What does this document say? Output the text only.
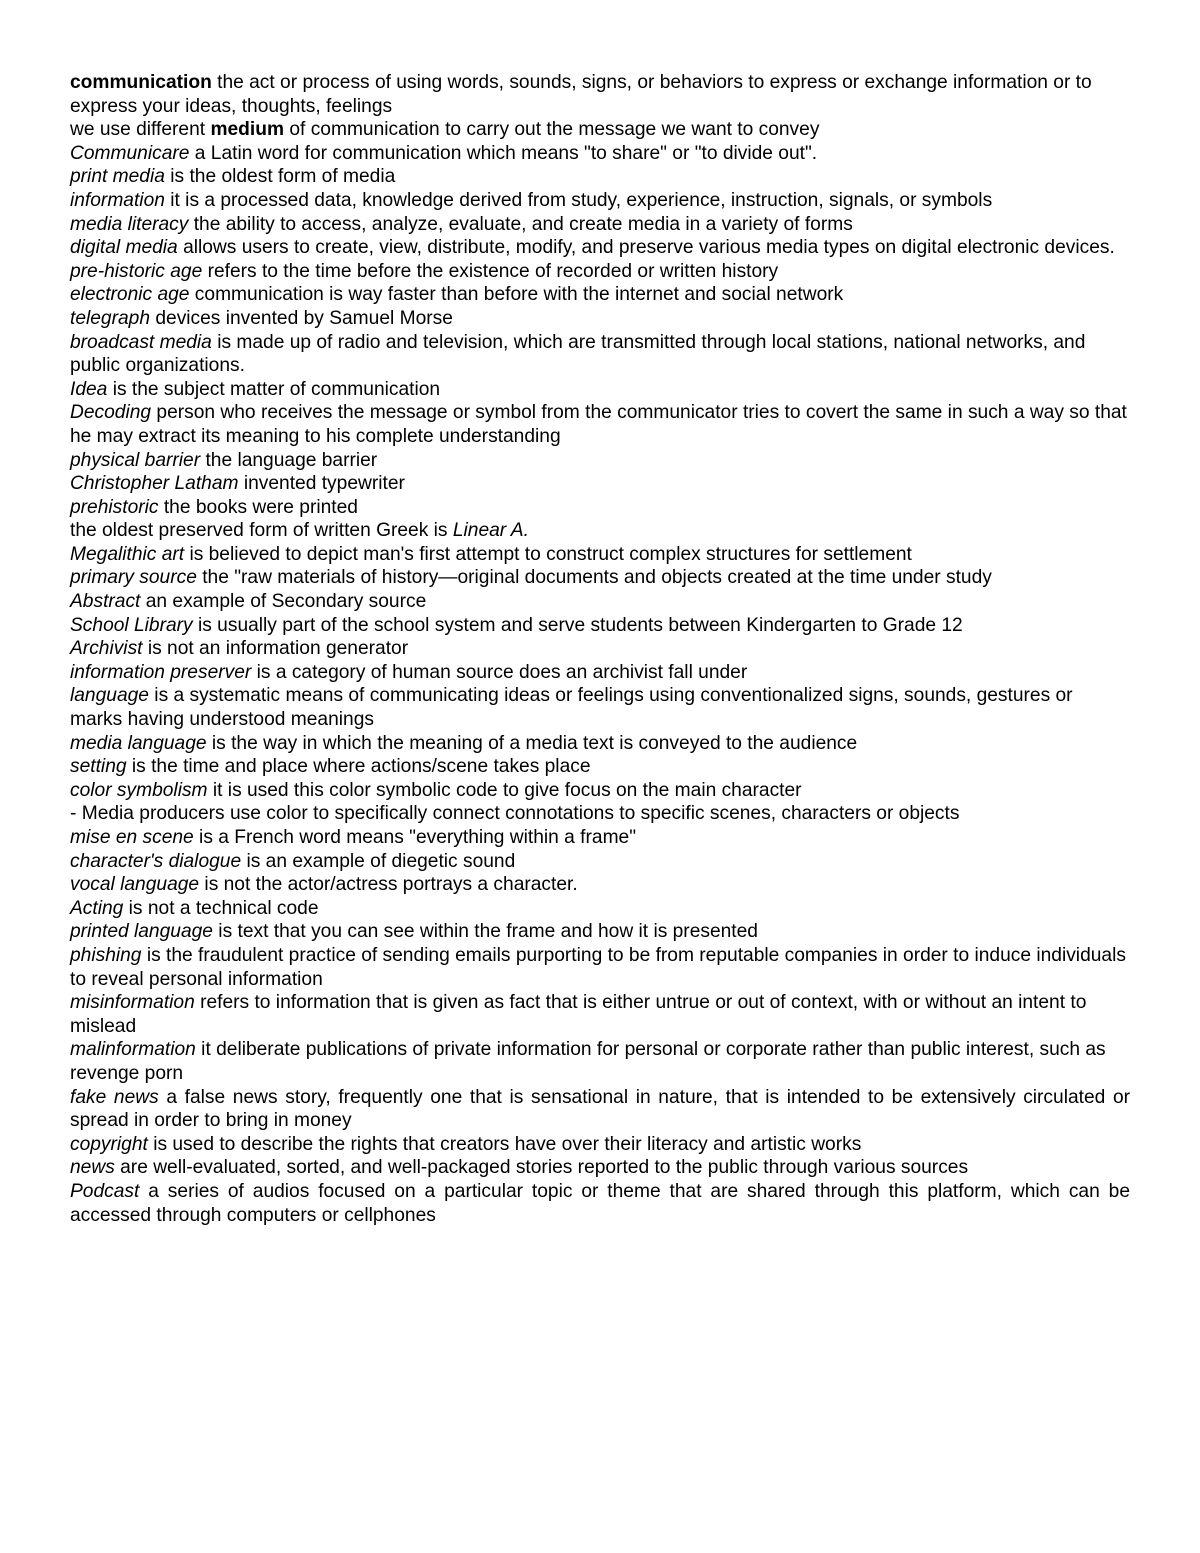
communication the act or process of using words, sounds, signs, or behaviors to express or exchange information or to express your ideas, thoughts, feelings

we use different medium of communication to carry out the message we want to convey

Communicare a Latin word for communication which means "to share" or "to divide out".

print media is the oldest form of media

information it is a processed data, knowledge derived from study, experience, instruction, signals, or symbols

media literacy the ability to access, analyze, evaluate, and create media in a variety of forms

digital media allows users to create, view, distribute, modify, and preserve various media types on digital electronic devices.

pre-historic age refers to the time before the existence of recorded or written history

electronic age communication is way faster than before with the internet and social network

telegraph devices invented by Samuel Morse

broadcast media is made up of radio and television, which are transmitted through local stations, national networks, and public organizations.

Idea is the subject matter of communication

Decoding person who receives the message or symbol from the communicator tries to covert the same in such a way so that he may extract its meaning to his complete understanding

physical barrier the language barrier

Christopher Latham invented typewriter

prehistoric the books were printed

the oldest preserved form of written Greek is Linear A.

Megalithic art is believed to depict man's first attempt to construct complex structures for settlement

primary source the "raw materials of history—original documents and objects created at the time under study

Abstract an example of Secondary source

School Library is usually part of the school system and serve students between Kindergarten to Grade 12

Archivist is not an information generator

information preserver is a category of human source does an archivist fall under

language is a systematic means of communicating ideas or feelings using conventionalized signs, sounds, gestures or marks having understood meanings

media language is the way in which the meaning of a media text is conveyed to the audience

setting is the time and place where actions/scene takes place

color symbolism it is used this color symbolic code to give focus on the main character

- Media producers use color to specifically connect connotations to specific scenes, characters or objects

mise en scene is a French word means "everything within a frame"

character's dialogue is an example of diegetic sound

vocal language is not the actor/actress portrays a character.

Acting is not a technical code

printed language is text that you can see within the frame and how it is presented

phishing is the fraudulent practice of sending emails purporting to be from reputable companies in order to induce individuals to reveal personal information

misinformation refers to information that is given as fact that is either untrue or out of context, with or without an intent to mislead

malinformation it deliberate publications of private information for personal or corporate rather than public interest, such as revenge porn

fake news a false news story, frequently one that is sensational in nature, that is intended to be extensively circulated or spread in order to bring in money

copyright is used to describe the rights that creators have over their literacy and artistic works

news are well-evaluated, sorted, and well-packaged stories reported to the public through various sources

Podcast a series of audios focused on a particular topic or theme that are shared through this platform, which can be accessed through computers or cellphones
